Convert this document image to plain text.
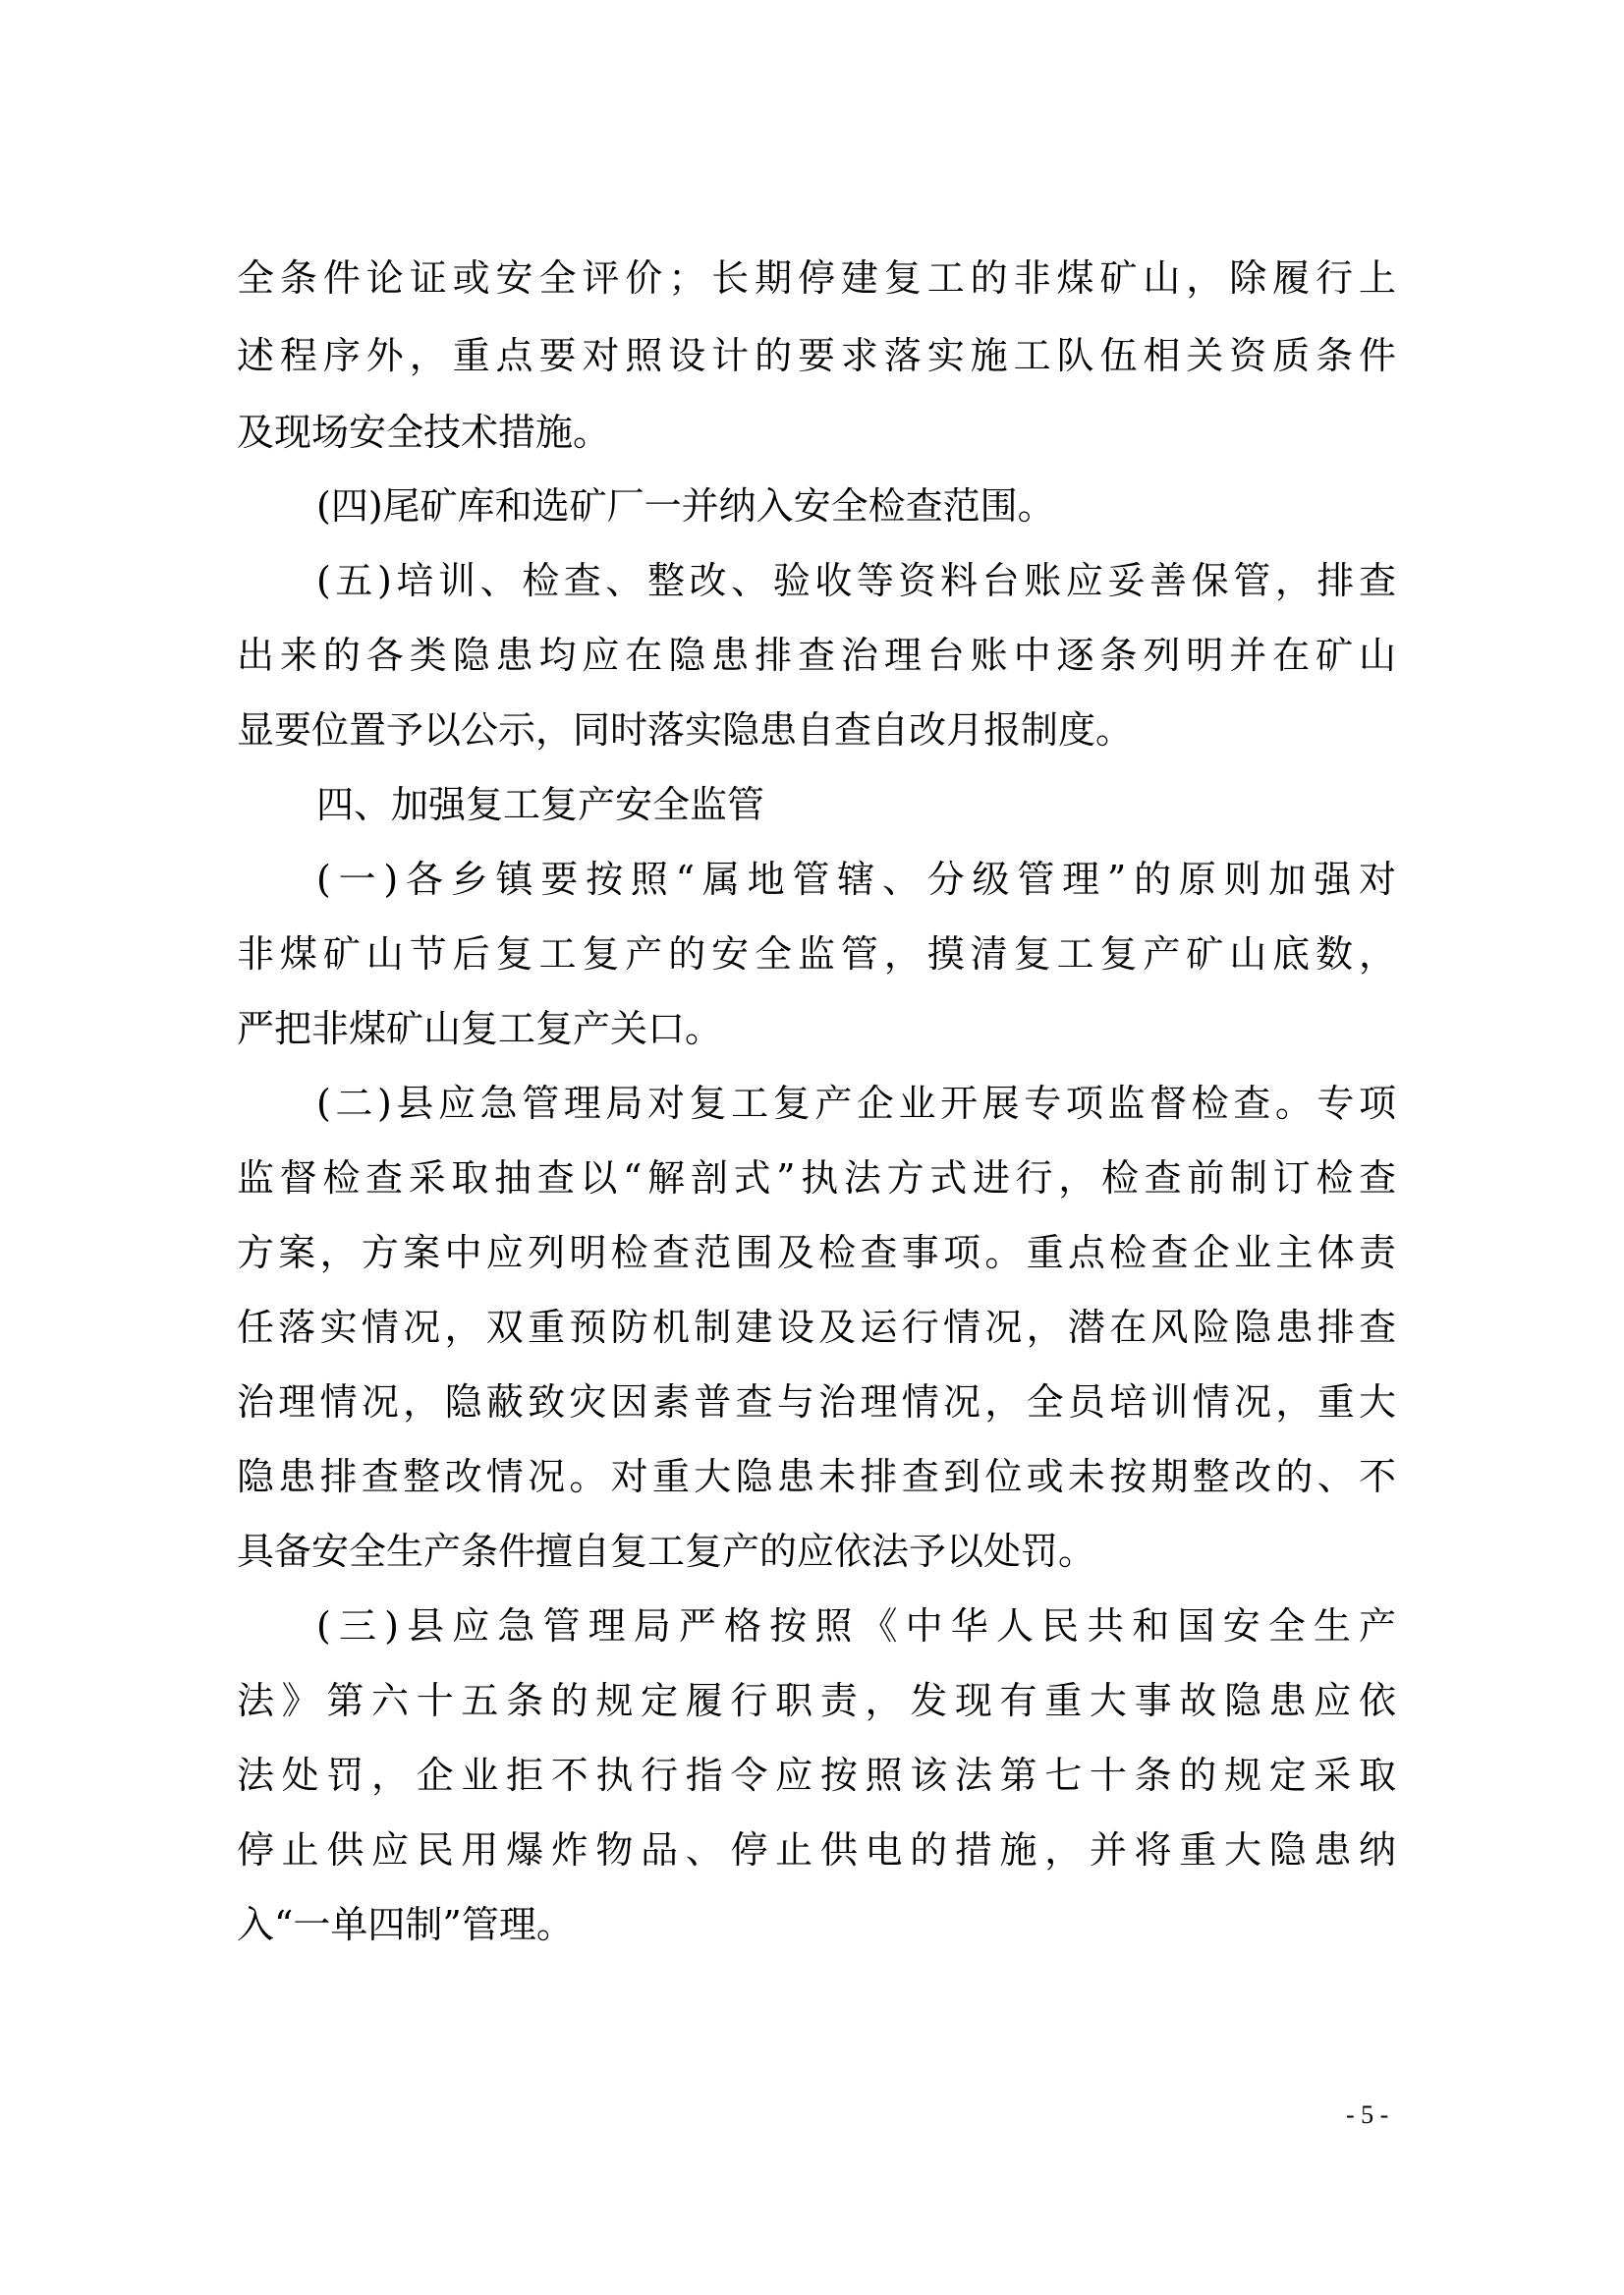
全条件论证或安全评价；长期停建复工的非煤矿山，除履行上
述程序外，重点要对照设计的要求落实施工队伍相关资质条件
及现场安全技术措施。
(四)尾矿库和选矿厂一并纳入安全检查范围。
(五)培训、检查、整改、验收等资料台账应妥善保管，排查
出来的各类隐患均应在隐患排查治理台账中逐条列明并在矿山
显要位置予以公示，同时落实隐患自查自改月报制度。
四、加强复工复产安全监管
(一)各乡镇要按照“属地管辖、分级管理”的原则加强对
非煤矿山节后复工复产的安全监管，摸清复工复产矿山底数，
严把非煤矿山复工复产关口。
(二)县应急管理局对复工复产企业开展专项监督检查。专项
监督检查采取抽查以“解剖式”执法方式进行，检查前制订检查
方案，方案中应列明检查范围及检查事项。重点检查企业主体责
任落实情况，双重预防机制建设及运行情况，潜在风险隐患排查
治理情况，隐蔽致灾因素普查与治理情况，全员培训情况，重大
隐患排查整改情况。对重大隐患未排查到位或未按期整改的、不
具备安全生产条件擅自复工复产的应依法予以处罚。
(三)县应急管理局严格按照《中华人民共和国安全生产
法》第六十五条的规定履行职责，发现有重大事故隐患应依
法处罚，企业拒不执行指令应按照该法第七十条的规定采取
停止供应民用爆炸物品、停止供电的措施，并将重大隐患纳
入“一单四制”管理。
- 5 -
